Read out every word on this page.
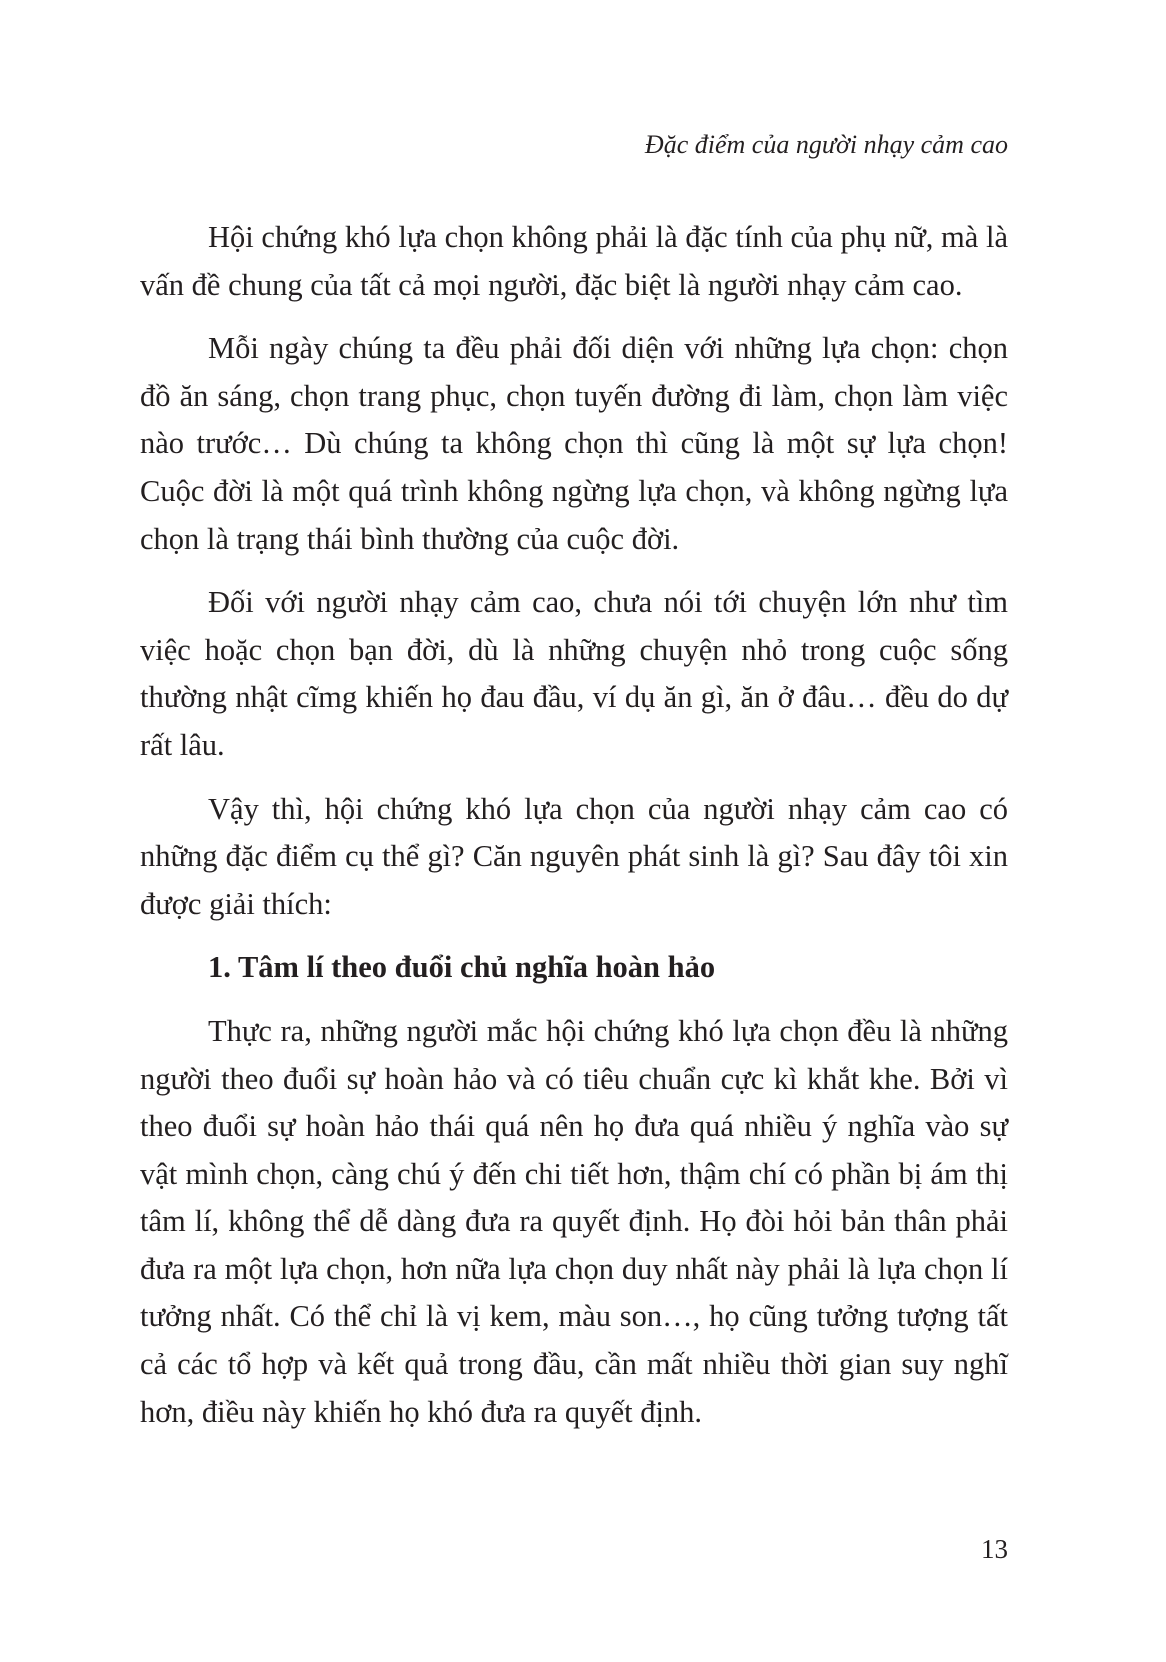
Đặc điểm của người nhạy cảm cao

Hội chứng khó lựa chọn không phải là đặc tính của phụ nữ, mà là vấn đề chung của tất cả mọi người, đặc biệt là người nhạy cảm cao.

Mỗi ngày chúng ta đều phải đối diện với những lựa chọn: chọn đồ ăn sáng, chọn trang phục, chọn tuyến đường đi làm, chọn làm việc nào trước… Dù chúng ta không chọn thì cũng là một sự lựa chọn! Cuộc đời là một quá trình không ngừng lựa chọn, và không ngừng lựa chọn là trạng thái bình thường của cuộc đời.

Đối với người nhạy cảm cao, chưa nói tới chuyện lớn như tìm việc hoặc chọn bạn đời, dù là những chuyện nhỏ trong cuộc sống thường nhật cĩmg khiến họ đau đầu, ví dụ ăn gì, ăn ở đâu… đều do dự rất lâu.

Vậy thì, hội chứng khó lựa chọn của người nhạy cảm cao có những đặc điểm cụ thể gì? Căn nguyên phát sinh là gì? Sau đây tôi xin được giải thích:

1. Tâm lí theo đuổi chủ nghĩa hoàn hảo

Thực ra, những người mắc hội chứng khó lựa chọn đều là những người theo đuổi sự hoàn hảo và có tiêu chuẩn cực kì khắt khe. Bởi vì theo đuổi sự hoàn hảo thái quá nên họ đưa quá nhiều ý nghĩa vào sự vật mình chọn, càng chú ý đến chi tiết hơn, thậm chí có phần bị ám thị tâm lí, không thể dễ dàng đưa ra quyết định. Họ đòi hỏi bản thân phải đưa ra một lựa chọn, hơn nữa lựa chọn duy nhất này phải là lựa chọn lí tưởng nhất. Có thể chỉ là vị kem, màu son…, họ cũng tưởng tượng tất cả các tổ hợp và kết quả trong đầu, cần mất nhiều thời gian suy nghĩ hơn, điều này khiến họ khó đưa ra quyết định.

13
